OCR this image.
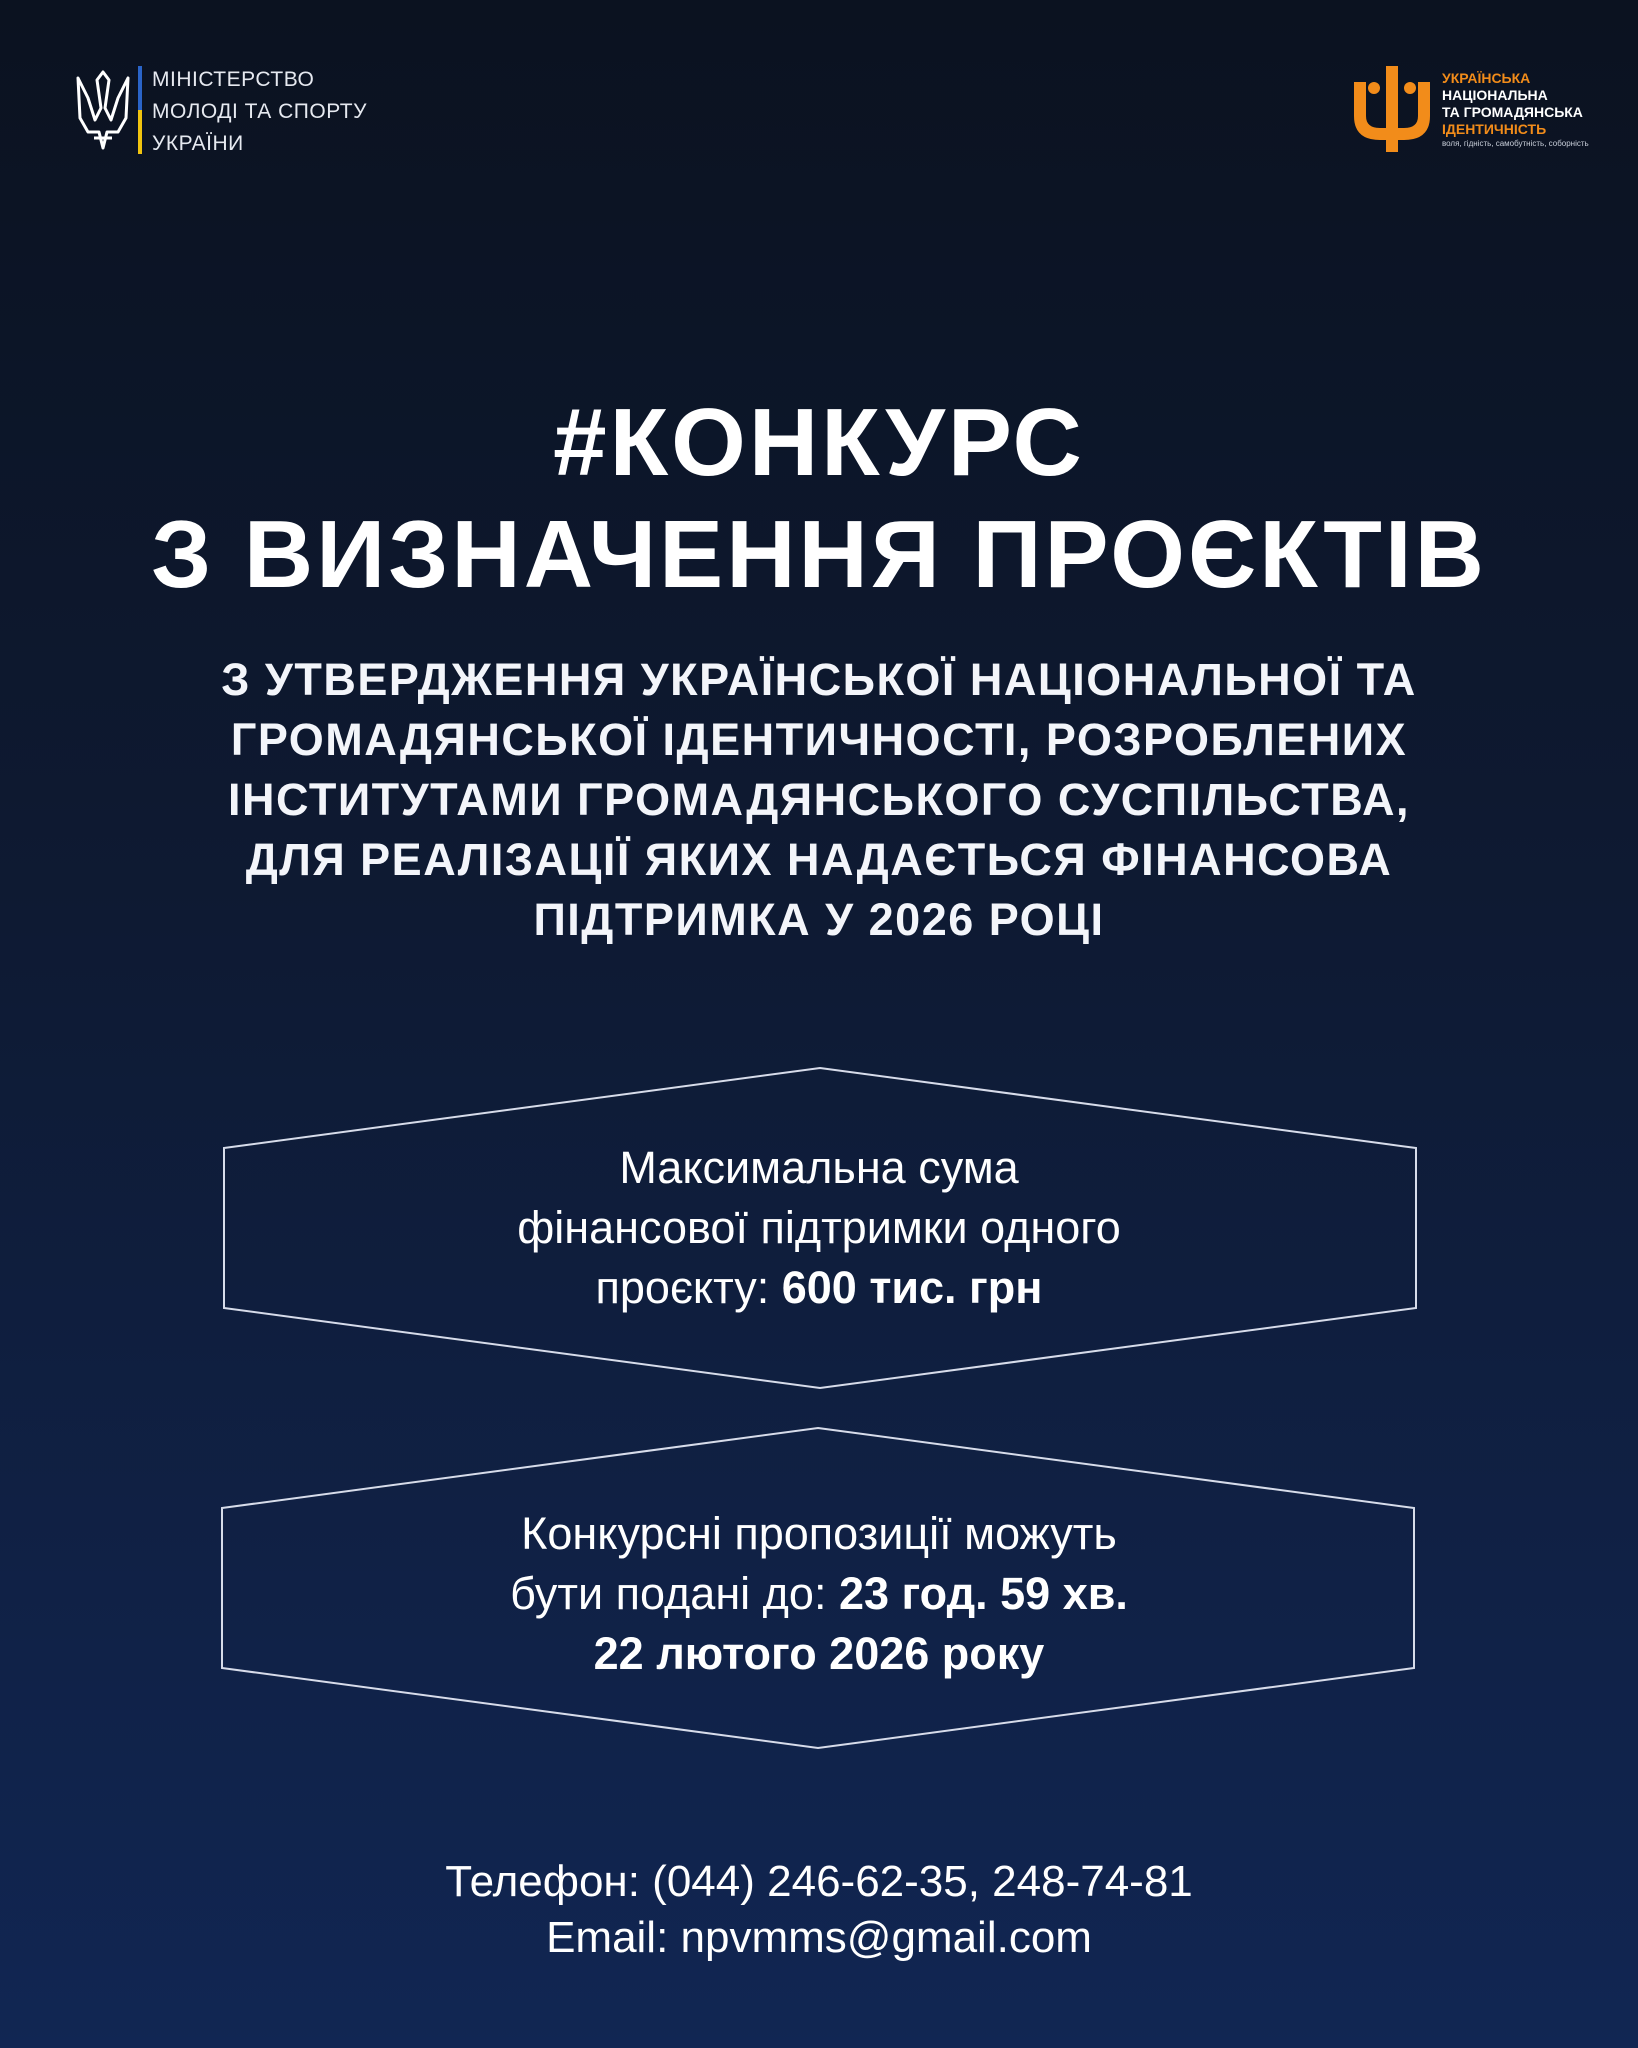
МІНІСТЕРСТВО
МОЛОДІ ТА СПОРТУ
УКРАЇНИ
УКРАЇНСЬКА
НАЦІОНАЛЬНА
ТА ГРОМАДЯНСЬКА
ІДЕНТИЧНІСТЬ
воля, гідність, самобутність, соборність
#КОНКУРС
З ВИЗНАЧЕННЯ ПРОЄКТІВ
З УТВЕРДЖЕННЯ УКРАЇНСЬКОЇ НАЦІОНАЛЬНОЇ ТА
ГРОМАДЯНСЬКОЇ ІДЕНТИЧНОСТІ, РОЗРОБЛЕНИХ
ІНСТИТУТАМИ ГРОМАДЯНСЬКОГО СУСПІЛЬСТВА,
ДЛЯ РЕАЛІЗАЦІЇ ЯКИХ НАДАЄТЬСЯ ФІНАНСОВА
ПІДТРИМКА У 2026 РОЦІ
Максимальна сума
фінансової підтримки одного
проєкту: 600 тис. грн
Конкурсні пропозиції можуть
бути подані до: 23 год. 59 хв.
22 лютого 2026 року
Телефон: (044) 246-62-35, 248-74-81
Email: npvmms@gmail.com
